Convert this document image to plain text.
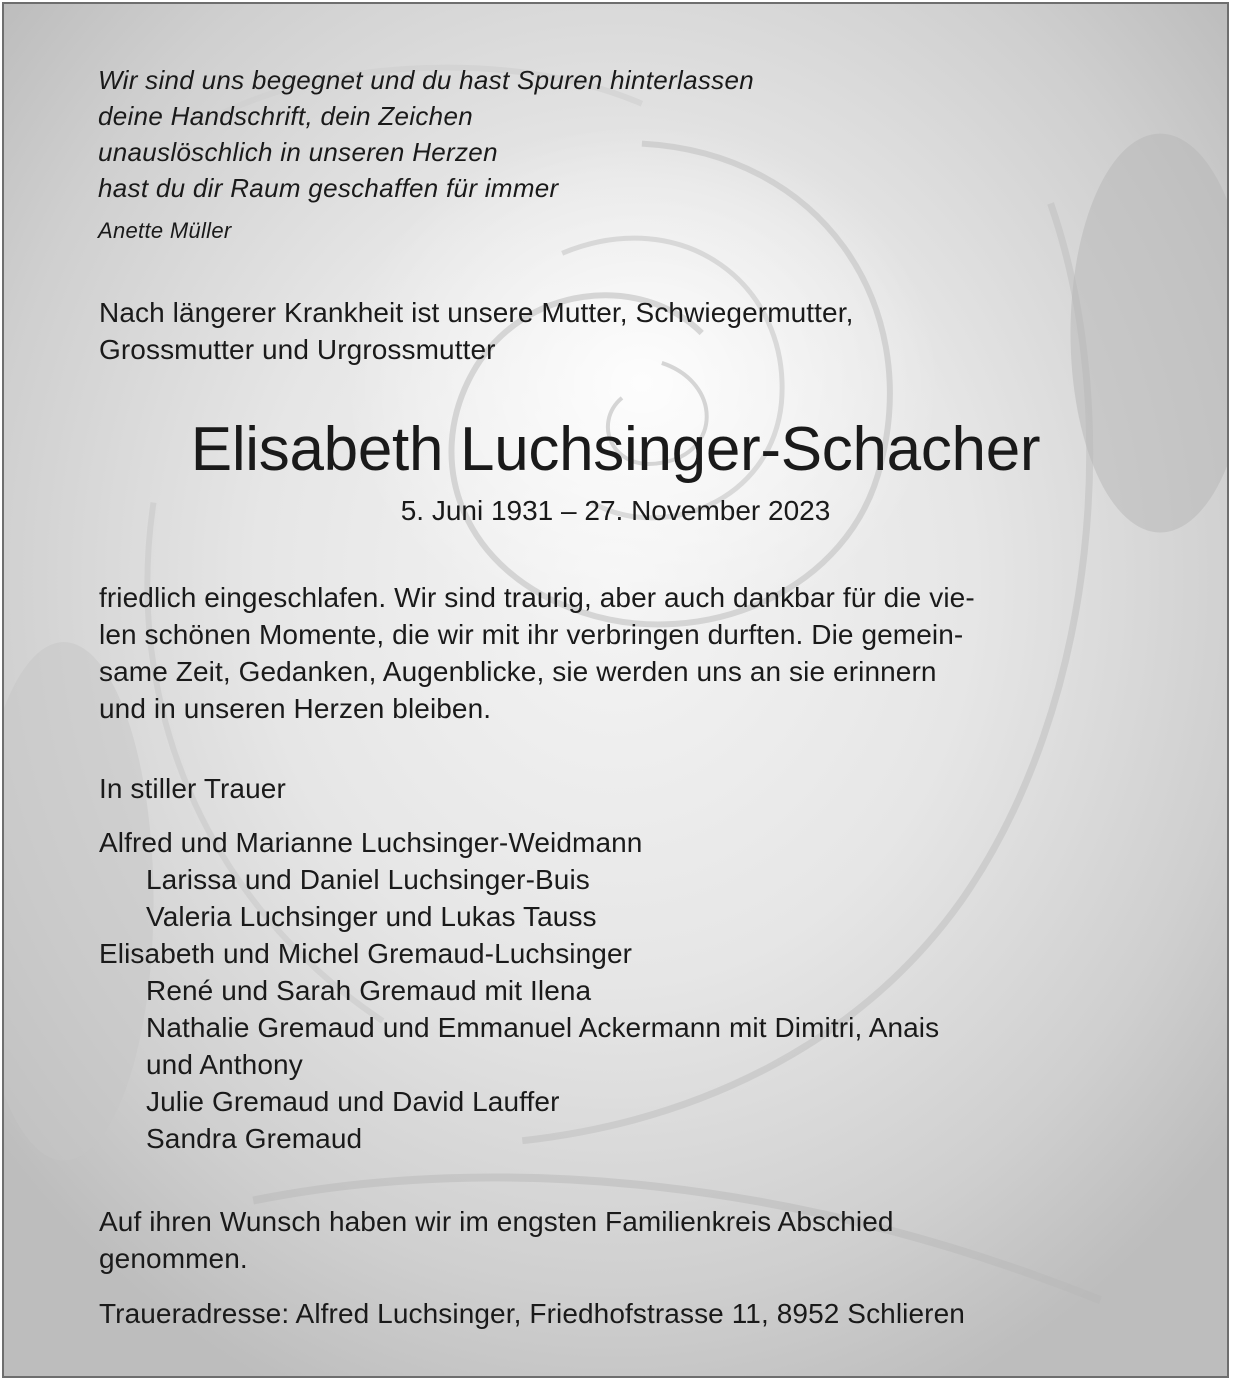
Wir sind uns begegnet und du hast Spuren hinterlassen
deine Handschrift, dein Zeichen
unauslöschlich in unseren Herzen
hast du dir Raum geschaffen für immer
Anette Müller
Nach längerer Krankheit ist unsere Mutter, Schwiegermutter,
Grossmutter und Urgrossmutter
Elisabeth Luchsinger-Schacher
5. Juni 1931 – 27. November 2023
friedlich eingeschlafen. Wir sind traurig, aber auch dankbar für die vie-
len schönen Momente, die wir mit ihr verbringen durften. Die gemein-
same Zeit, Gedanken, Augenblicke, sie werden uns an sie erinnern
und in unseren Herzen bleiben.
In stiller Trauer
Alfred und Marianne Luchsinger-Weidmann
Larissa und Daniel Luchsinger-Buis
Valeria Luchsinger und Lukas Tauss
Elisabeth und Michel Gremaud-Luchsinger
René und Sarah Gremaud mit Ilena
Nathalie Gremaud und Emmanuel Ackermann mit Dimitri, Anais
und Anthony
Julie Gremaud und David Lauffer
Sandra Gremaud
Auf ihren Wunsch haben wir im engsten Familienkreis Abschied
genommen.
Traueradresse: Alfred Luchsinger, Friedhofstrasse 11, 8952 Schlieren
